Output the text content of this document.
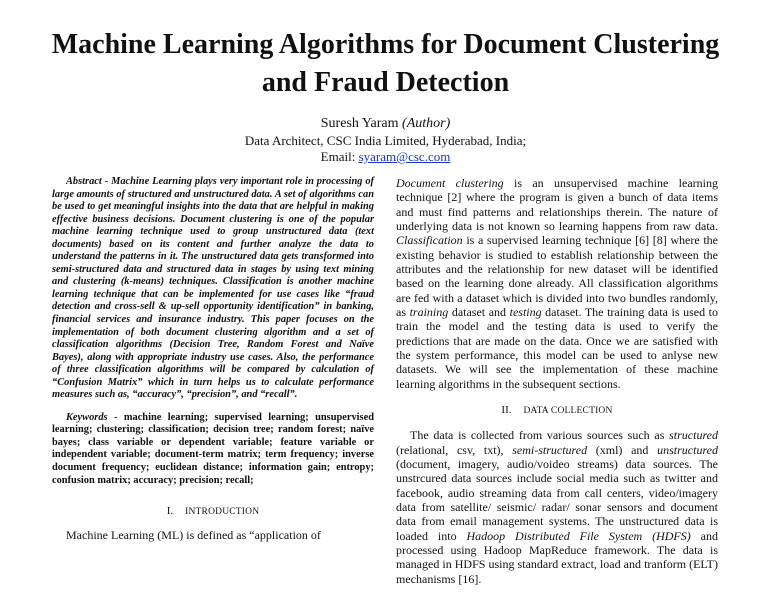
Machine Learning Algorithms for Document Clustering and Fraud Detection
Suresh Yaram (Author)
Data Architect, CSC India Limited, Hyderabad, India;
Email: syaram@csc.com

Abstract - Machine Learning plays very important role in processing of large amounts of structured and unstructured data. A set of algorithms can be used to get meaningful insights into the data that are helpful in making effective business decisions. Document clustering is one of the popular machine learning technique used to group unstructured data (text documents) based on its content and further analyze the data to understand the patterns in it. The unstructured data gets transformed into semi-structured data and structured data in stages by using text mining and clustering (k-means) techniques. Classification is another machine learning technique that can be implemented for use cases like “fraud detection and cross-sell & up-sell opportunity identification” in banking, financial services and insurance industry. This paper focuses on the implementation of both document clustering algorithm and a set of classification algorithms (Decision Tree, Random Forest and Naïve Bayes), along with appropriate industry use cases. Also, the performance of three classification algorithms will be compared by calculation of “Confusion Matrix” which in turn helps us to calculate performance measures such as, “accuracy”, “precision”, and “recall”.

Keywords - machine learning; supervised learning; unsupervised learning; clustering; classification; decision tree; random forest; naïve bayes; class variable or dependent variable; feature variable or independent variable; document-term matrix; term frequency; inverse document frequency; euclidean distance; information gain; entropy; confusion matrix; accuracy; precision; recall;

I. INTRODUCTION

Machine Learning (ML) is defined as “application of

Document clustering is an unsupervised machine learning technique [2] where the program is given a bunch of data items and must find patterns and relationships therein. The nature of underlying data is not known so learning happens from raw data. Classification is a supervised learning technique [6] [8] where the existing behavior is studied to establish relationship between the attributes and the relationship for new dataset will be identified based on the learning done already. All classification algorithms are fed with a dataset which is divided into two bundles randomly, as training dataset and testing dataset. The training data is used to train the model and the testing data is used to verify the predictions that are made on the data. Once we are satisfied with the system performance, this model can be used to anlyse new datasets. We will see the implementation of these machine learning algorithms in the subsequent sections.

II. DATA COLLECTION

The data is collected from various sources such as structured (relational, csv, txt), semi-structured (xml) and unstructured (document, imagery, audio/voideo streams) data sources. The unstrcured data sources include social media such as twitter and facebook, audio streaming data from call centers, video/imagery data from satellite/ seismic/ radar/ sonar sensors and document data from email management systems. The unstructured data is loaded into Hadoop Distributed File System (HDFS) and processed using Hadoop MapReduce framework. The data is managed in HDFS using standard extract, load and tranform (ELT) mechanisms [16].
